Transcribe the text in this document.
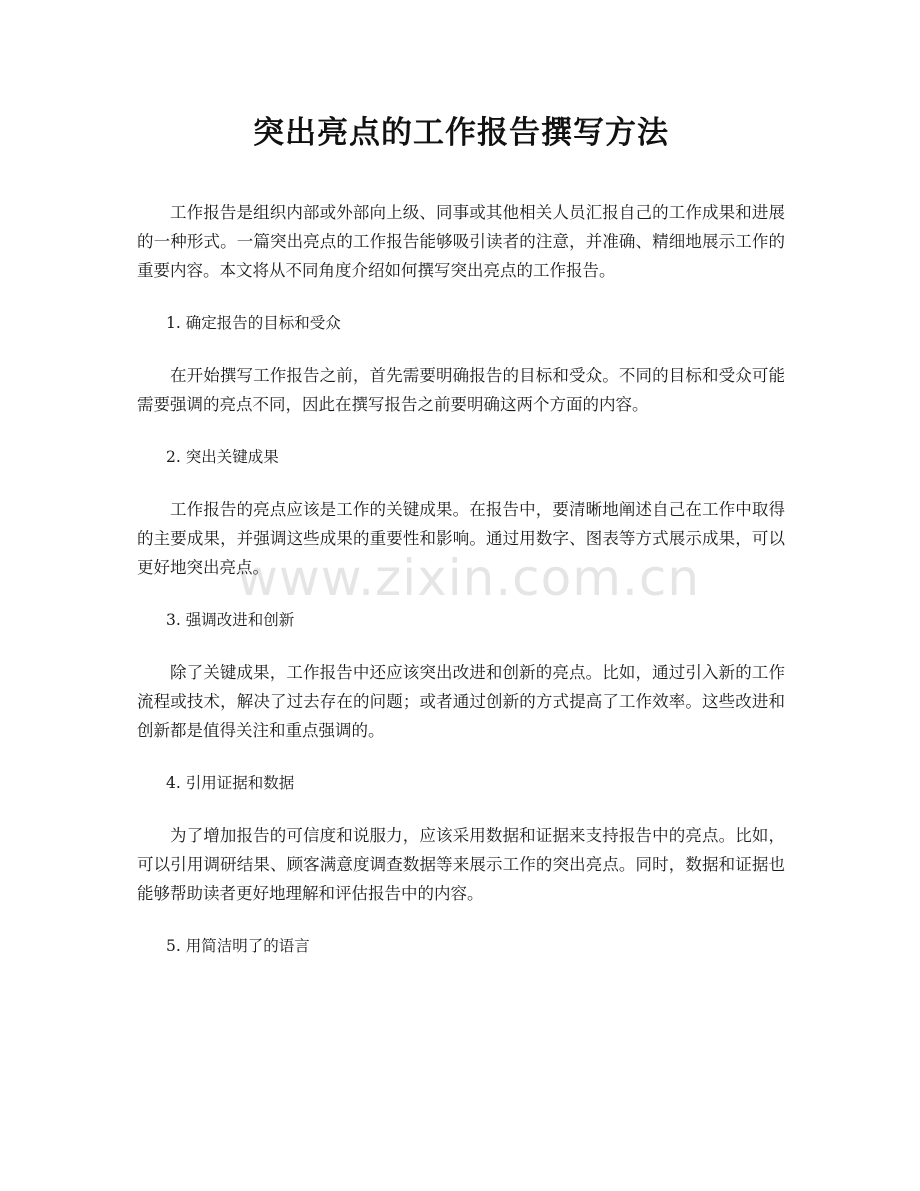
突出亮点的工作报告撰写方法

工作报告是组织内部或外部向上级、同事或其他相关人员汇报自己的工作成果和进展的一种形式。一篇突出亮点的工作报告能够吸引读者的注意，并准确、精细地展示工作的重要内容。本文将从不同角度介绍如何撰写突出亮点的工作报告。

1. 确定报告的目标和受众

在开始撰写工作报告之前，首先需要明确报告的目标和受众。不同的目标和受众可能需要强调的亮点不同，因此在撰写报告之前要明确这两个方面的内容。

2. 突出关键成果

工作报告的亮点应该是工作的关键成果。在报告中，要清晰地阐述自己在工作中取得的主要成果，并强调这些成果的重要性和影响。通过用数字、图表等方式展示成果，可以更好地突出亮点。

3. 强调改进和创新

除了关键成果，工作报告中还应该突出改进和创新的亮点。比如，通过引入新的工作流程或技术，解决了过去存在的问题；或者通过创新的方式提高了工作效率。这些改进和创新都是值得关注和重点强调的。

4. 引用证据和数据

为了增加报告的可信度和说服力，应该采用数据和证据来支持报告中的亮点。比如，可以引用调研结果、顾客满意度调查数据等来展示工作的突出亮点。同时，数据和证据也能够帮助读者更好地理解和评估报告中的内容。

5. 用简洁明了的语言

www.zixin.com.cn
